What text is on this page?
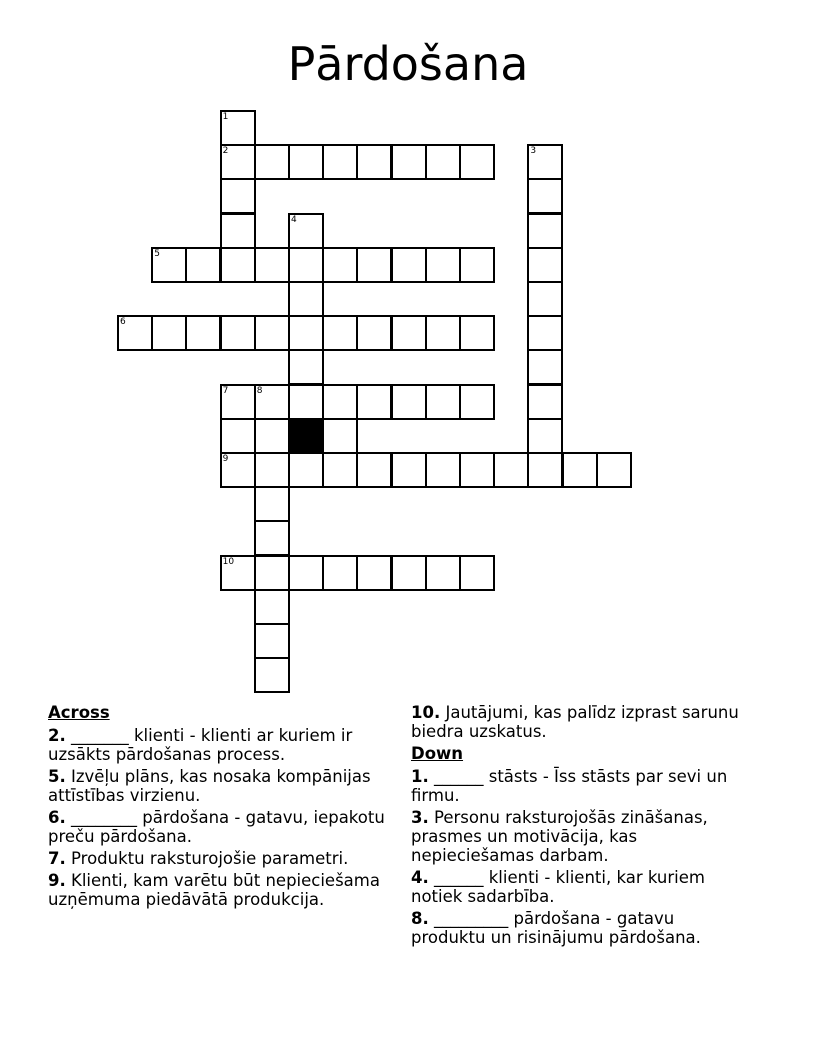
Pārdošana
1
2	3
4
5
6
7	8
9
10
Across
2. _______ klienti - klienti ar kuriem ir uzsākts pārdošanas process.
5. Izvēļu plāns, kas nosaka kompānijas attīstības virzienu.
6. ________ pārdošana - gatavu, iepakotu preču pārdošana.
7. Produktu raksturojošie parametri.
9. Klienti, kam varētu būt nepieciešama uzņēmuma piedāvātā produkcija.
10. Jautājumi, kas palīdz izprast sarunu biedra uzskatus.
Down
1. ______ stāsts - Īss stāsts par sevi un firmu.
3. Personu raksturojošās zināšanas, prasmes un motivācija, kas nepieciešamas darbam.
4. ______ klienti - klienti, kar kuriem notiek sadarbība.
8. _________ pārdošana - gatavu produktu un risinājumu pārdošana.
